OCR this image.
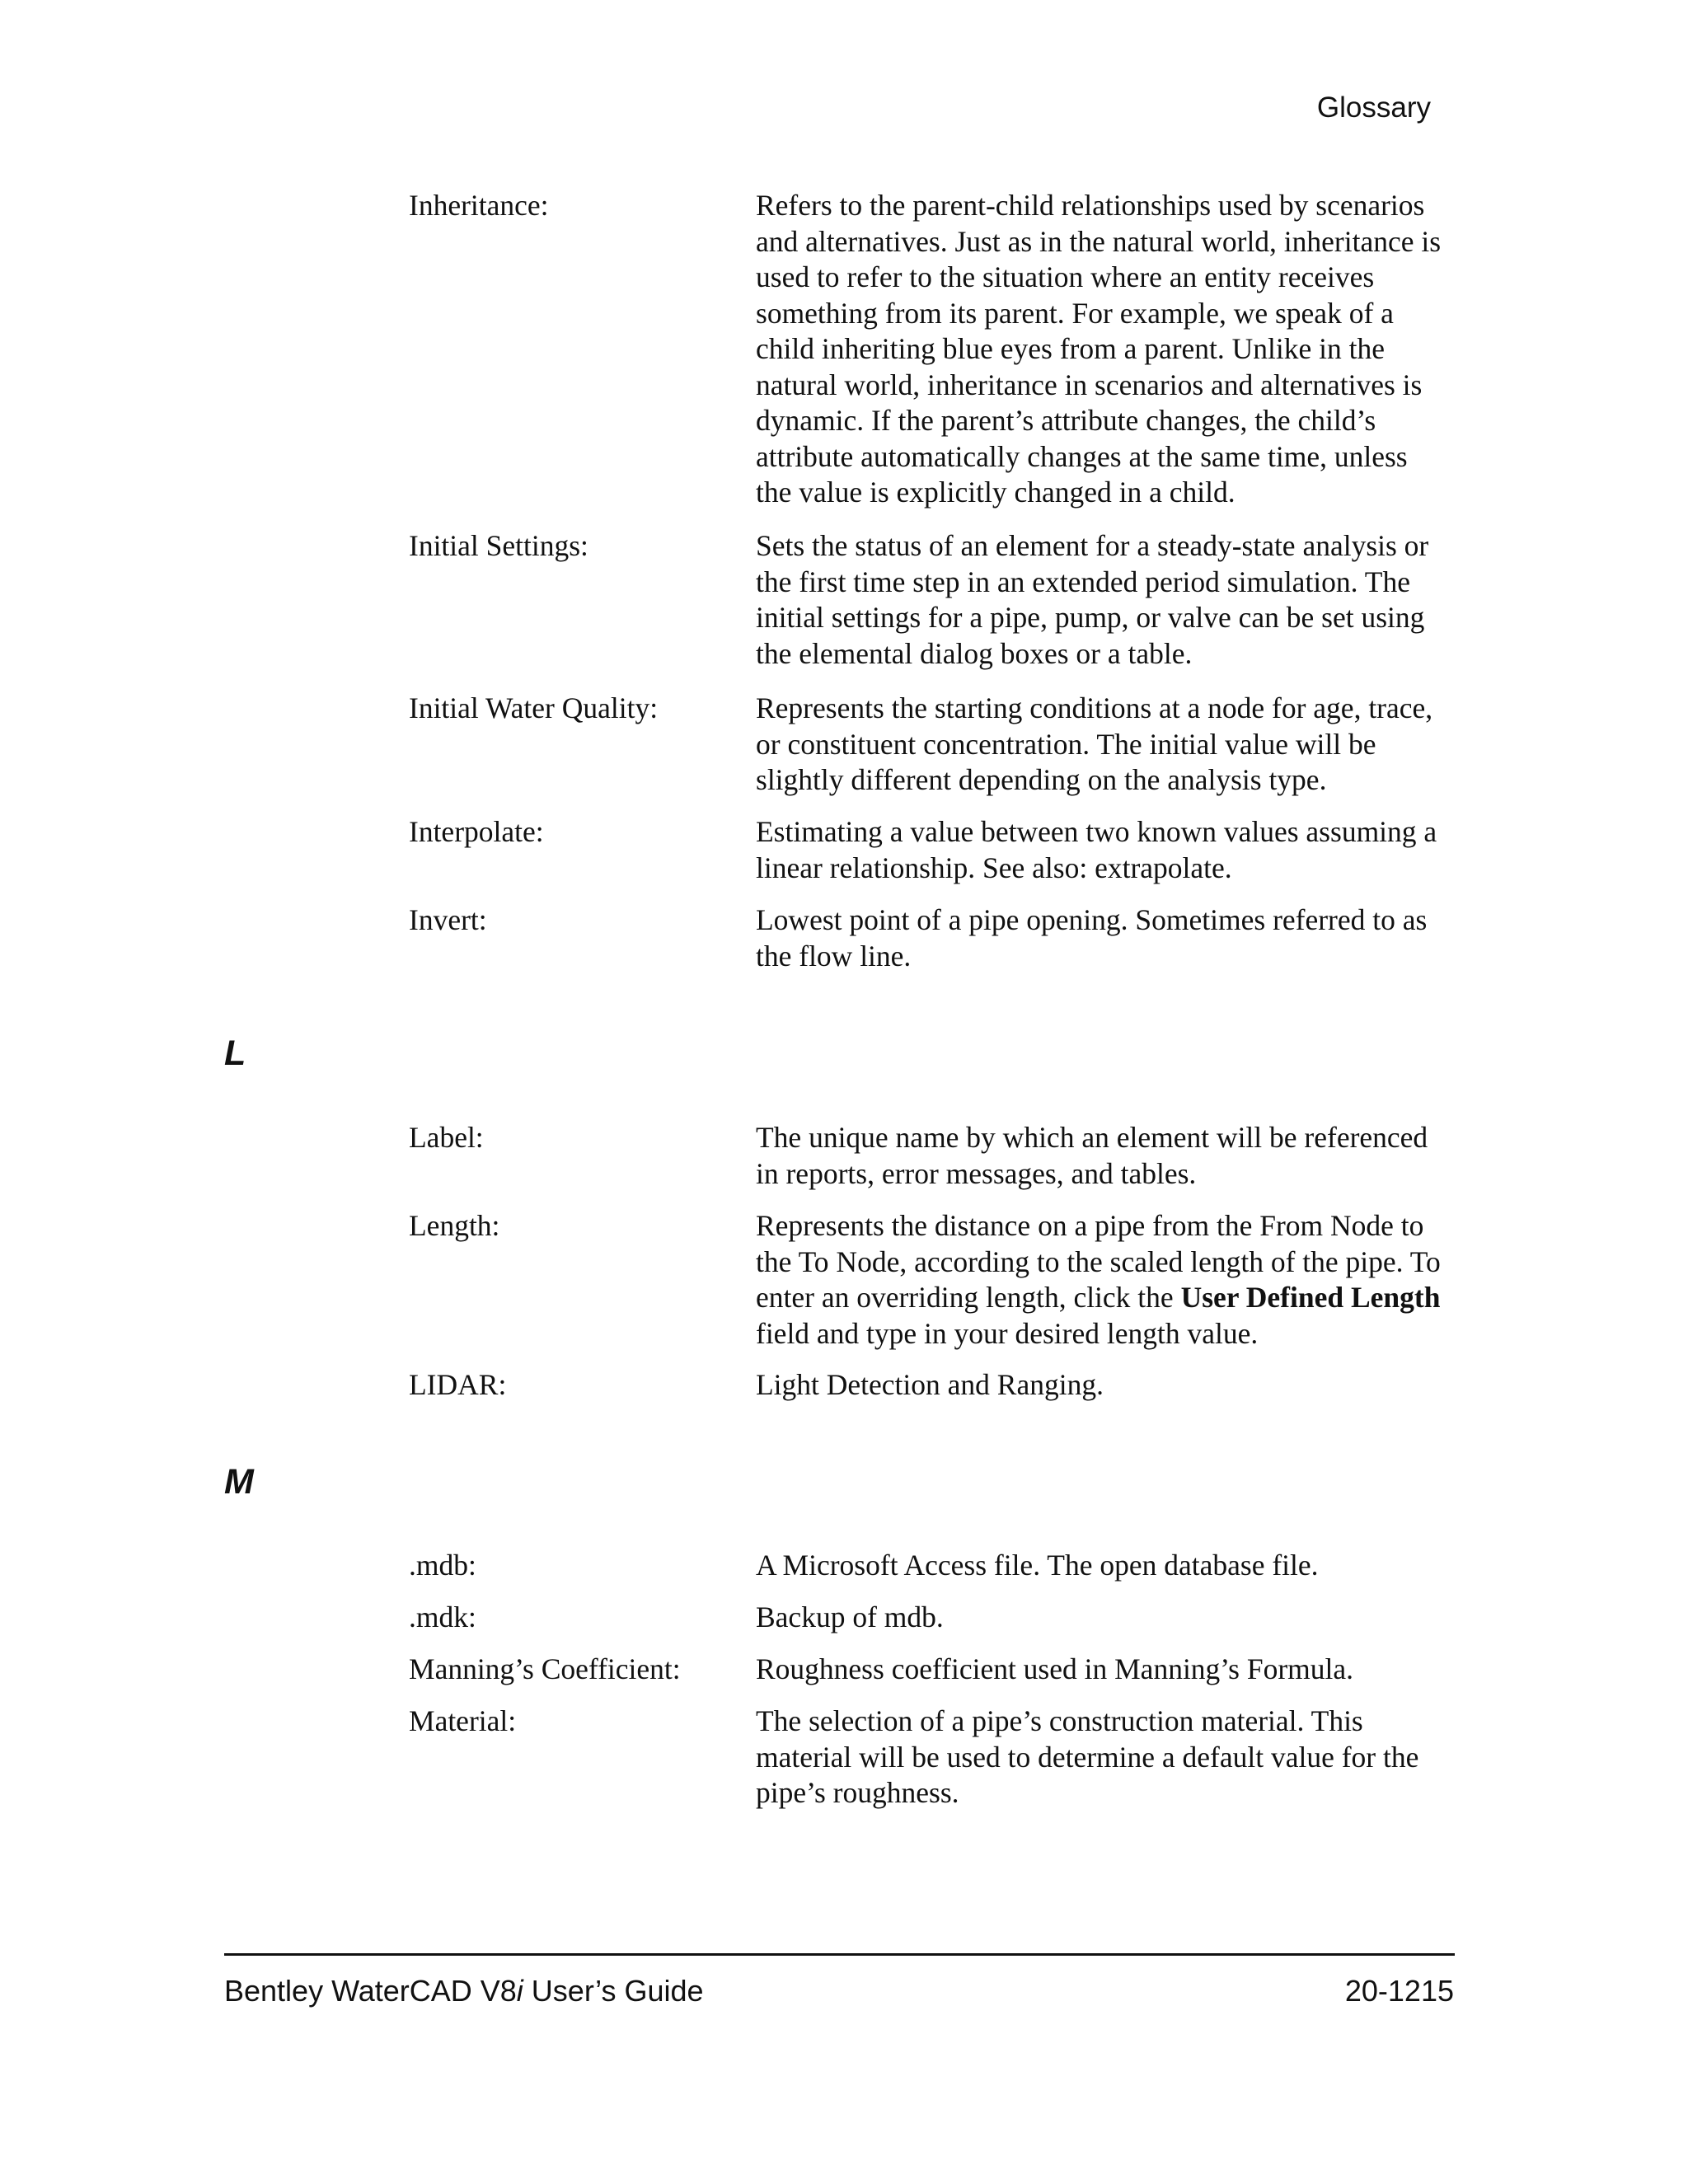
Glossary
Inheritance:	Refers to the parent-child relationships used by scenarios and alternatives. Just as in the natural world, inheritance is used to refer to the situation where an entity receives something from its parent. For example, we speak of a child inheriting blue eyes from a parent. Unlike in the natural world, inheritance in scenarios and alternatives is dynamic. If the parent’s attribute changes, the child’s attribute automatically changes at the same time, unless the value is explicitly changed in a child.
Initial Settings:	Sets the status of an element for a steady-state analysis or the first time step in an extended period simulation. The initial settings for a pipe, pump, or valve can be set using the elemental dialog boxes or a table.
Initial Water Quality:	Represents the starting conditions at a node for age, trace, or constituent concentration. The initial value will be slightly different depending on the analysis type.
Interpolate:	Estimating a value between two known values assuming a linear relationship. See also: extrapolate.
Invert:	Lowest point of a pipe opening. Sometimes referred to as the flow line.
L
Label:	The unique name by which an element will be referenced in reports, error messages, and tables.
Length:	Represents the distance on a pipe from the From Node to the To Node, according to the scaled length of the pipe. To enter an overriding length, click the User Defined Length field and type in your desired length value.
LIDAR:	Light Detection and Ranging.
M
.mdb:	A Microsoft Access file. The open database file.
.mdk:	Backup of mdb.
Manning’s Coefficient:	Roughness coefficient used in Manning’s Formula.
Material:	The selection of a pipe’s construction material. This material will be used to determine a default value for the pipe’s roughness.
Bentley WaterCAD V8i User’s Guide	20-1215
